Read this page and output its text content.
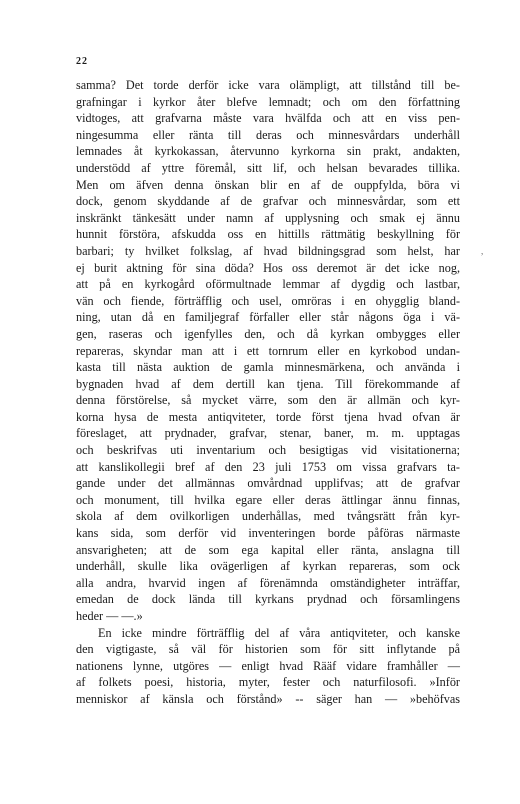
22
samma? Det torde derför icke vara olämpligt, att tillstånd till be-
grafningar i kyrkor åter blefve lemnadt; och om den författning
vidtoges, att grafvarna måste vara hvälfda och att en viss pen-
ningesumma eller ränta till deras och minnesvårdars underhåll
lemnades åt kyrkokassan, återvunno kyrkorna sin prakt, andakten,
understödd af yttre föremål, sitt lif, och helsan bevarades tillika.
Men om äfven denna önskan blir en af de ouppfylda, böra vi
dock, genom skyddande af de grafvar och minnesvårdar, som ett
inskränkt tänkesätt under namn af upplysning och smak ej ännu
hunnit förstöra, afskudda oss en hittills rättmätig beskyllning för
barbari; ty hvilket folkslag, af hvad bildningsgrad som helst, har
ej burit aktning för sina döda? Hos oss deremot är det icke nog,
att på en kyrkogård oförmultnade lemmar af dygdig och lastbar,
vän och fiende, förträfflig och usel, omröras i en ohygglig bland-
ning, utan då en familjegraf förfaller eller står någons öga i vä-
gen, raseras och igenfylles den, och då kyrkan ombygges eller
repareras, skyndar man att i ett tornrum eller en kyrkobod undan-
kasta till nästa auktion de gamla minnesmärkena, och använda i
bygnaden hvad af dem dertill kan tjena. Till förekommande af
denna förstörelse, så mycket värre, som den är allmän och kyr-
korna hysa de mesta antiqviteter, torde först tjena hvad ofvan är
föreslaget, att prydnader, grafvar, stenar, baner, m. m. upptagas
och beskrifvas uti inventarium och besigtigas vid visitationerna;
att kanslikollegii bref af den 23 juli 1753 om vissa grafvars ta-
gande under det allmännas omvårdnad upplifvas; att de grafvar
och monument, till hvilka egare eller deras ättlingar ännu finnas,
skola af dem ovilkorligen underhållas, med tvångsrätt från kyr-
kans sida, som derför vid inventeringen borde påföras närmaste
ansvarigheten; att de som ega kapital eller ränta, anslagna till
underhåll, skulle lika ovägerligen af kyrkan repareras, som ock
alla andra, hvarvid ingen af förenämnda omständigheter inträffar,
emedan de dock lända till kyrkans prydnad och församlingens
heder — —.»
En icke mindre förträfflig del af våra antiqviteter, och kanske
den vigtigaste, så väl för historien som för sitt inflytande på
nationens lynne, utgöres — enligt hvad Rääf vidare framhåller —
af folkets poesi, historia, myter, fester och naturfilosofi. »Inför
menniskor af känsla och förstånd» -- säger han — »behöfvas
,
